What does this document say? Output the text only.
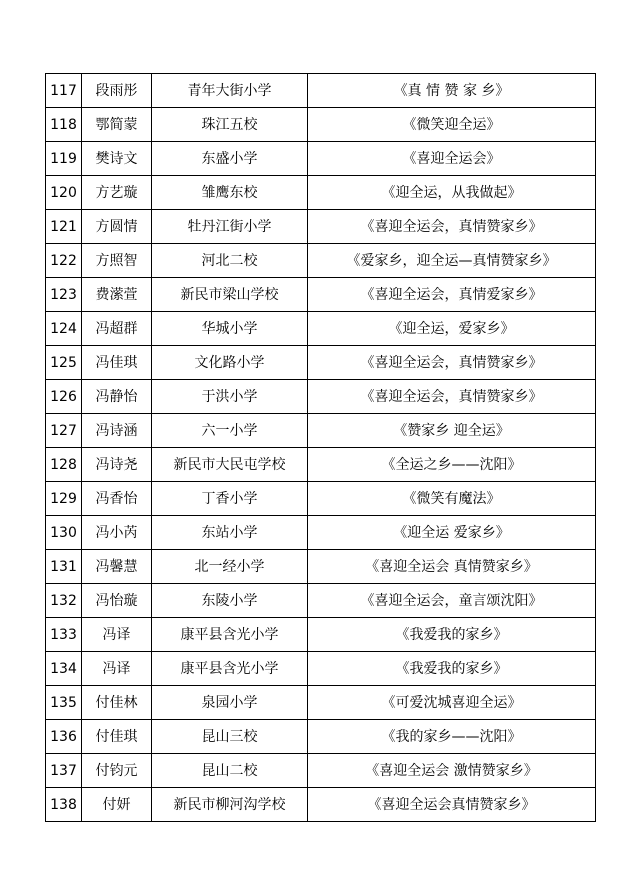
117	段雨彤	青年大街小学	《真 情 赞 家 乡》
118	鄂简蒙	珠江五校	《微笑迎全运》
119	樊诗文	东盛小学	《喜迎全运会》
120	方艺璇	雏鹰东校	《迎全运，从我做起》
121	方圆情	牡丹江街小学	《喜迎全运会，真情赞家乡》
122	方照智	河北二校	《爱家乡，迎全运—真情赞家乡》
123	费潆萱	新民市梁山学校	《喜迎全运会，真情爱家乡》
124	冯超群	华城小学	《迎全运，爱家乡》
125	冯佳琪	文化路小学	《喜迎全运会，真情赞家乡》
126	冯静怡	于洪小学	《喜迎全运会，真情赞家乡》
127	冯诗涵	六一小学	《赞家乡 迎全运》
128	冯诗尧	新民市大民屯学校	《全运之乡——沈阳》
129	冯香怡	丁香小学	《微笑有魔法》
130	冯小芮	东站小学	《迎全运 爱家乡》
131	冯馨慧	北一经小学	《喜迎全运会 真情赞家乡》
132	冯怡璇	东陵小学	《喜迎全运会，童言颂沈阳》
133	冯译	康平县含光小学	《我爱我的家乡》
134	冯译	康平县含光小学	《我爱我的家乡》
135	付佳林	泉园小学	《可爱沈城喜迎全运》
136	付佳琪	昆山三校	《我的家乡——沈阳》
137	付钧元	昆山二校	《喜迎全运会 激情赞家乡》
138	付妍	新民市柳河沟学校	《喜迎全运会真情赞家乡》
